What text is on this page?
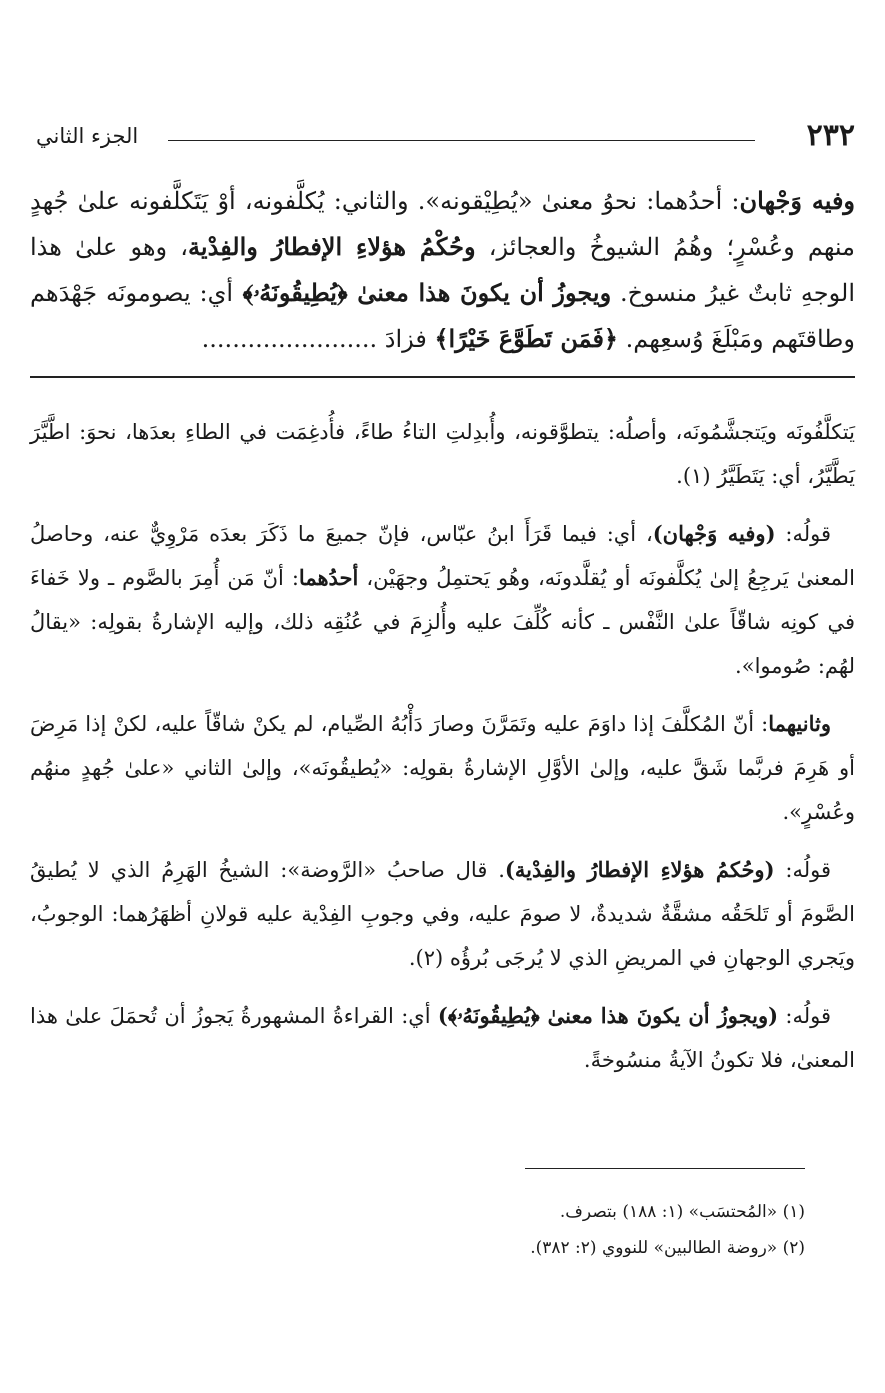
٢٣٢
الجزء الثاني

وفيه وَجْهان: أحدُهما: نحوُ معنىٰ «يُطِيْقونه». والثاني: يُكلَّفونه، أوْ يَتَكلَّفونه علىٰ جُهدٍ منهم وعُسْرٍ؛ وهُمُ الشيوخُ والعجائز، وحُكْمُ هؤلاءِ الإفطارُ والفِدْية، وهو علىٰ هذا الوجهِ ثابتٌ غيرُ منسوخ. ويجوزُ أن يكونَ هذا معنىٰ ﴿يُطِيقُونَهُۥ﴾ أي: يصومونَه جَهْدَهم وطاقتَهم ومَبْلَغَ وُسعِهم. ﴿فَمَن تَطَوَّعَ خَيْرًا﴾ فزادَ .......................

يَتكلَّفُونَه ويَتجشَّمُونَه، وأصلُه: يتطوَّقونه، وأُبدِلتِ التاءُ طاءً، فأُدغِمَت في الطاءِ بعدَها، نحوَ: اطَّيَّرَ يَطَّيَّرُ، أي: يَتَطَيَّرُ (١).

قولُه: (وفيه وَجْهان)، أي: فيما قَرَأَ ابنُ عبّاس، فإنّ جميعَ ما ذَكَرَ بعدَه مَرْوِيٌّ عنه، وحاصلُ المعنىٰ يَرجِعُ إلىٰ يُكلَّفونَه أو يُقلَّدونَه، وهُو يَحتمِلُ وجهَيْن، أحدُهما: أنّ مَن أُمِرَ بالصَّوم ـ ولا خَفاءَ في كونِه شاقّاً علىٰ النَّفْس ـ كأنه كُلِّفَ عليه وأُلزِمَ في عُنُقِه ذلك، وإليه الإشارةُ بقولِه: «يقالُ لهُم: صُوموا».

وثانيهما: أنّ المُكلَّفَ إذا داوَمَ عليه وتَمَرَّنَ وصارَ دَأْبُهُ الصِّيام، لم يكنْ شاقّاً عليه، لكنْ إذا مَرِضَ أو هَرِمَ فربَّما شَقَّ عليه، وإلىٰ الأوَّلِ الإشارةُ بقولِه: «يُطيقُونَه»، وإلىٰ الثاني «علىٰ جُهدٍ منهُم وعُسْرٍ».

قولُه: (وحُكمُ هؤلاءِ الإفطارُ والفِدْية). قال صاحبُ «الرَّوضة»: الشيخُ الهَرِمُ الذي لا يُطيقُ الصَّومَ أو تَلحَقُه مشقَّةٌ شديدةٌ، لا صومَ عليه، وفي وجوبِ الفِدْية عليه قولانِ أظهَرُهما: الوجوبُ، ويَجري الوجهانِ في المريضِ الذي لا يُرجَى بُرؤُه (٢).

قولُه: (ويجوزُ أن يكونَ هذا معنىٰ ﴿يُطِيقُونَهُۥ﴾) أي: القراءةُ المشهورةُ يَجوزُ أن تُحمَلَ علىٰ هذا المعنىٰ، فلا تكونُ الآيةُ منسُوخةً.

(١) «المُحتسَب» (١: ١٨٨) بتصرف.
(٢) «روضة الطالبين» للنووي (٢: ٣٨٢).
